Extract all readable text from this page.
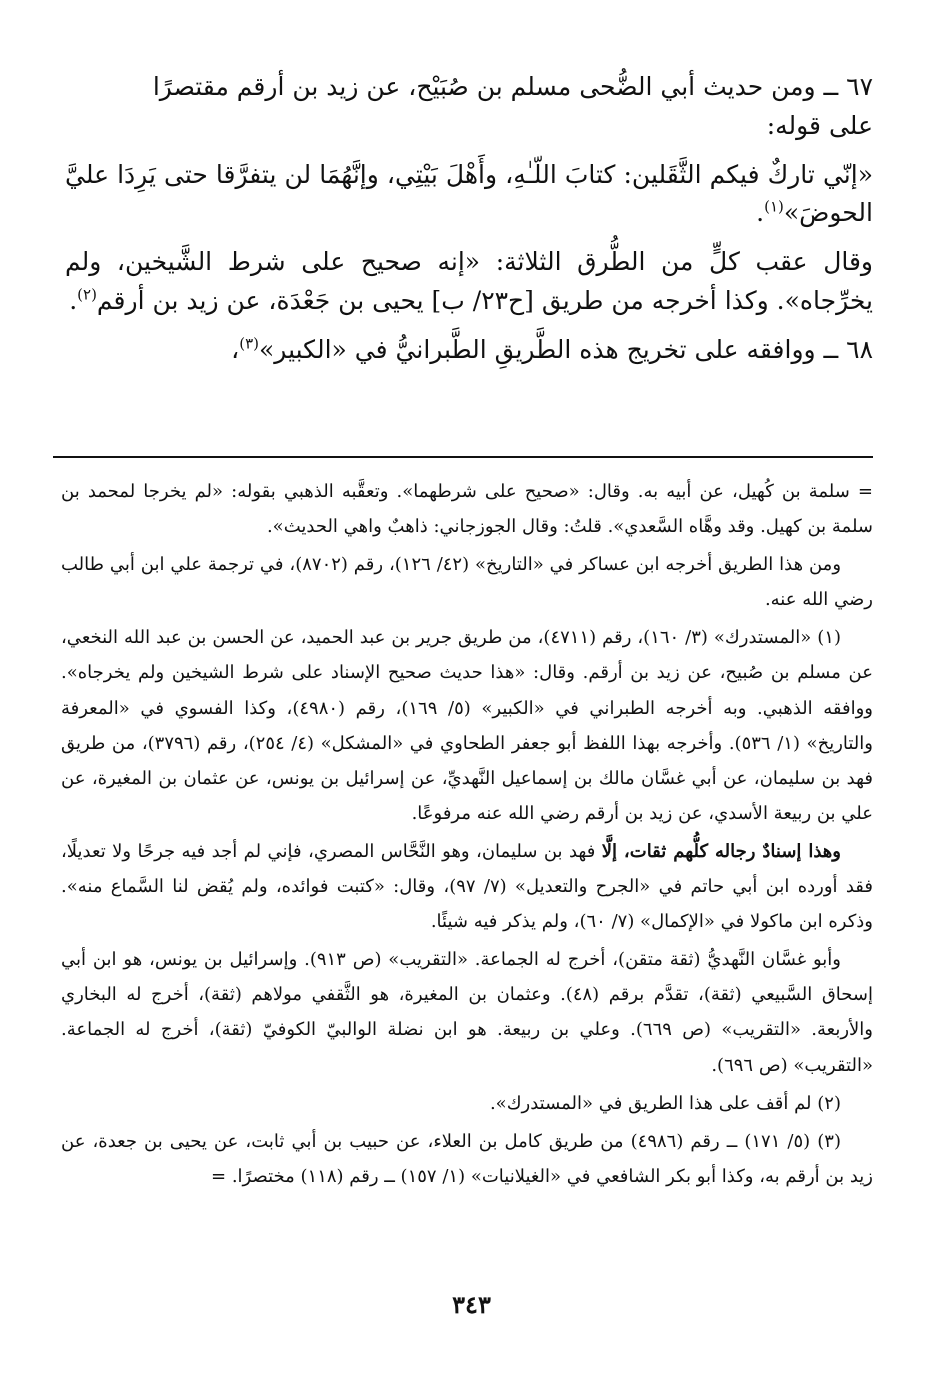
٦٧ ــ ومن حديث أبي الضُّحى مسلم بن صُبَيْح، عن زيد بن أرقم مقتصرًا
على قوله:

«إنّي تاركٌ فيكم الثَّقَلين: كتابَ اللّـٰهِ، وأَهْلَ بَيْتِي، وإنَّهُمَا لن يتفرَّقا حتى يَرِدَا عليَّ الحوضَ»$^{(١)}$.

وقال عقب كلٍّ من الطُّرق الثلاثة: «إنه صحيح على شرط الشَّيخين، ولم يخرِّجاه». وكذا أخرجه من طريق [ح٢٣/ ب] يحيى بن جَعْدَة، عن زيد بن أرقم$^{(٢)}$.

٦٨ ــ ووافقه على تخريج هذه الطَّريقِ الطَّبرانيُّ في «الكبير»$^{(٣)}$،

= سلمة بن كُهيل، عن أبيه به. وقال: «صحيح على شرطهما». وتعقَّبه الذهبي بقوله: «لم يخرجا لمحمد بن سلمة بن كهيل. وقد وهَّاه السَّعدي». قلتُ: وقال الجوزجاني: ذاهبٌ واهي الحديث».

ومن هذا الطريق أخرجه ابن عساكر في «التاريخ» (٤٢/ ١٢٦)، رقم (٨٧٠٢)، في ترجمة علي ابن أبي طالب رضي الله عنه.

(١) «المستدرك» (٣/ ١٦٠)، رقم (٤٧١١)، من طريق جرير بن عبد الحميد، عن الحسن بن عبد الله النخعي، عن مسلم بن صُبيح، عن زيد بن أرقم. وقال: «هذا حديث صحيح الإسناد على شرط الشيخين ولم يخرجاه». ووافقه الذهبي. وبه أخرجه الطبراني في «الكبير» (٥/ ١٦٩)، رقم (٤٩٨٠)، وكذا الفسوي في «المعرفة والتاريخ» (١/ ٥٣٦). وأخرجه بهذا اللفظ أبو جعفر الطحاوي في «المشكل» (٤/ ٢٥٤)، رقم (٣٧٩٦)، من طريق فهد بن سليمان، عن أبي غسَّان مالك بن إسماعيل النَّهديِّ، عن إسرائيل بن يونس، عن عثمان بن المغيرة، عن علي بن ربيعة الأسدي، عن زيد بن أرقم رضي الله عنه مرفوعًا.

وهذا إسنادٌ رجاله كلُّهم ثقات، إلَّا فهد بن سليمان، وهو النَّحَّاس المصري، فإني لم أجد فيه جرحًا ولا تعديلًا، فقد أورده ابن أبي حاتم في «الجرح والتعديل» (٧/ ٩٧)، وقال: «كتبت فوائده، ولم يُقض لنا السَّماع منه». وذكره ابن ماكولا في «الإكمال» (٧/ ٦٠)، ولم يذكر فيه شيئًا.

وأبو غسَّان النَّهديُّ (ثقة متقن)، أخرج له الجماعة. «التقريب» (ص ٩١٣). وإسرائيل بن يونس، هو ابن أبي إسحاق السَّبيعي (ثقة)، تقدَّم برقم (٤٨). وعثمان بن المغيرة، هو الثَّقفي مولاهم (ثقة)، أخرج له البخاري والأربعة. «التقريب» (ص ٦٦٩). وعلي بن ربيعة. هو ابن نضلة الوالبيّ الكوفيّ (ثقة)، أخرج له الجماعة. «التقريب» (ص ٦٩٦).

(٢) لم أقف على هذا الطريق في «المستدرك».

(٣) (٥/ ١٧١) ــ رقم (٤٩٨٦) من طريق كامل بن العلاء، عن حبيب بن أبي ثابت، عن يحيى بن جعدة، عن زيد بن أرقم به، وكذا أبو بكر الشافعي في «الغيلانيات» (١/ ١٥٧) ــ رقم (١١٨) مختصرًا. =

٣٤٣
